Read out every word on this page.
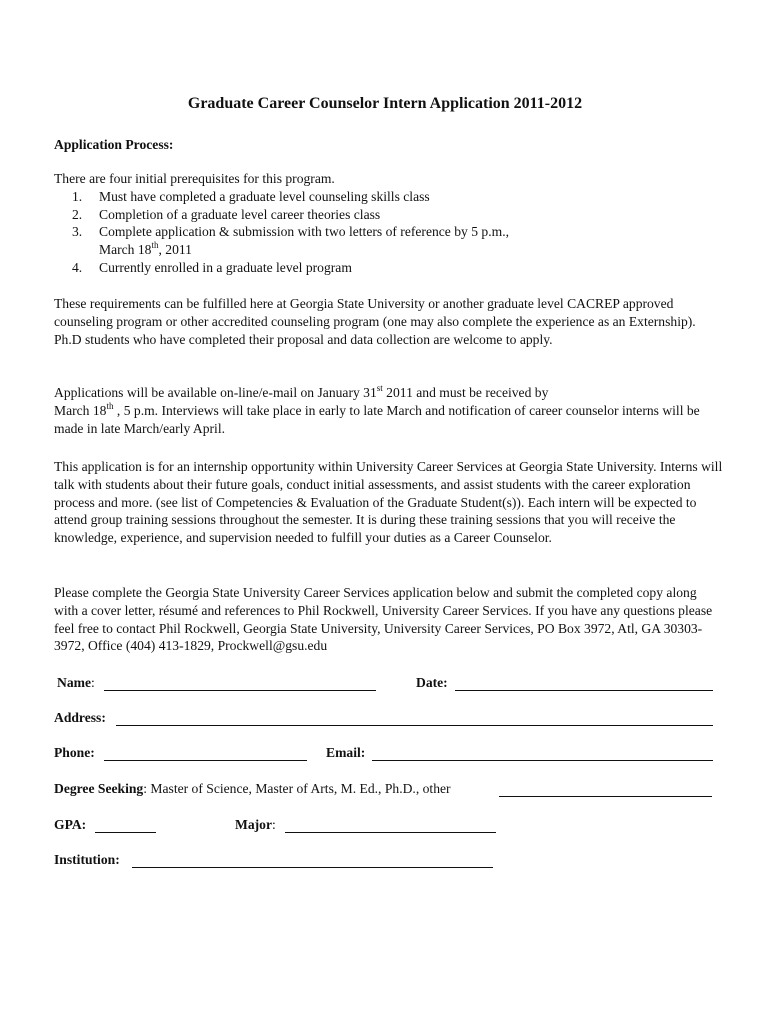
Graduate Career Counselor Intern Application 2011-2012
Application Process:

There are four initial prerequisites for this program.

1. Must have completed a graduate level counseling skills class
2. Completion of a graduate level career theories class
3. Complete application & submission with two letters of reference by 5 p.m.,
March 18th, 2011
4. Currently enrolled in a graduate level program

These requirements can be fulfilled here at Georgia State University or another graduate level CACREP approved counseling program or other accredited counseling program (one may also complete the experience as an Externship). Ph.D students who have completed their proposal and data collection are welcome to apply.

Applications will be available on-line/e-mail on January 31st 2011 and must be received by
March 18th , 5 p.m. Interviews will take place in early to late March and notification of career counselor interns will be made in late March/early April.

This application is for an internship opportunity within University Career Services at Georgia State University. Interns will talk with students about their future goals, conduct initial assessments, and assist students with the career exploration process and more. (see list of Competencies & Evaluation of the Graduate Student(s)). Each intern will be expected to attend group training sessions throughout the semester. It is during these training sessions that you will receive the knowledge, experience, and supervision needed to fulfill your duties as a Career Counselor.

Please complete the Georgia State University Career Services application below and submit the completed copy along with a cover letter, résumé and references to Phil Rockwell, University Career Services. If you have any questions please feel free to contact Phil Rockwell, Georgia State University, University Career Services, PO Box 3972, Atl, GA 30303-3972, Office (404) 413-1829, Prockwell@gsu.edu

Name:	Date:
Address:
Phone:	Email:
Degree Seeking: Master of Science, Master of Arts, M. Ed., Ph.D., other
GPA:	Major:
Institution:
